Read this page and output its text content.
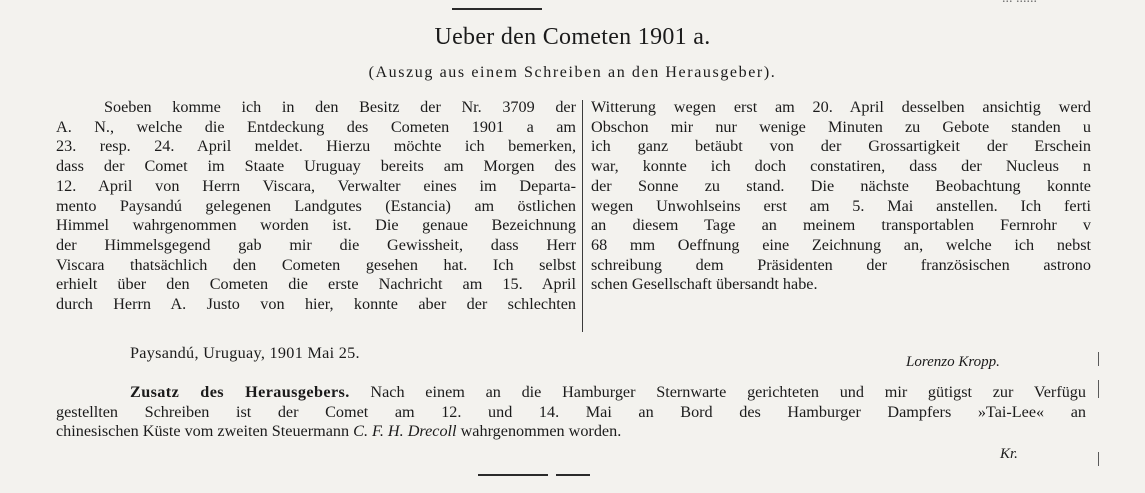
Ueber den Cometen 1901 a.
(Auszug aus einem Schreiben an den Herausgeber).
Soeben komme ich in den Besitz der Nr. 3709 der
A. N., welche die Entdeckung des Cometen 1901 a am
23. resp. 24. April meldet. Hierzu möchte ich bemerken,
dass der Comet im Staate Uruguay bereits am Morgen des
12. April von Herrn Viscara, Verwalter eines im Departa-
mento Paysandú gelegenen Landgutes (Estancia) am östlichen
Himmel wahrgenommen worden ist. Die genaue Bezeichnung
der Himmelsgegend gab mir die Gewissheit, dass Herr
Viscara thatsächlich den Cometen gesehen hat. Ich selbst
erhielt über den Cometen die erste Nachricht am 15. April
durch Herrn A. Justo von hier, konnte aber der schlechten
Witterung wegen erst am 20. April desselben ansichtig werd
Obschon mir nur wenige Minuten zu Gebote standen u
ich ganz betäubt von der Grossartigkeit der Erschein
war, konnte ich doch constatiren, dass der Nucleus n
der Sonne zu stand. Die nächste Beobachtung konnte
wegen Unwohlseins erst am 5. Mai anstellen. Ich ferti
an diesem Tage an meinem transportablen Fernrohr v
68 mm Oeffnung eine Zeichnung an, welche ich nebst
schreibung dem Präsidenten der französischen astrono
schen Gesellschaft übersandt habe.
Paysandú, Uruguay, 1901 Mai 25.	Lorenzo Kropp.
Zusatz des Herausgebers. Nach einem an die Hamburger Sternwarte gerichteten und mir gütigst zur Verfügu
gestellten Schreiben ist der Comet am 12. und 14. Mai an Bord des Hamburger Dampfers »Tai-Lee« an
chinesischen Küste vom zweiten Steuermann C. F. H. Drecoll wahrgenommen worden.
Kr.
